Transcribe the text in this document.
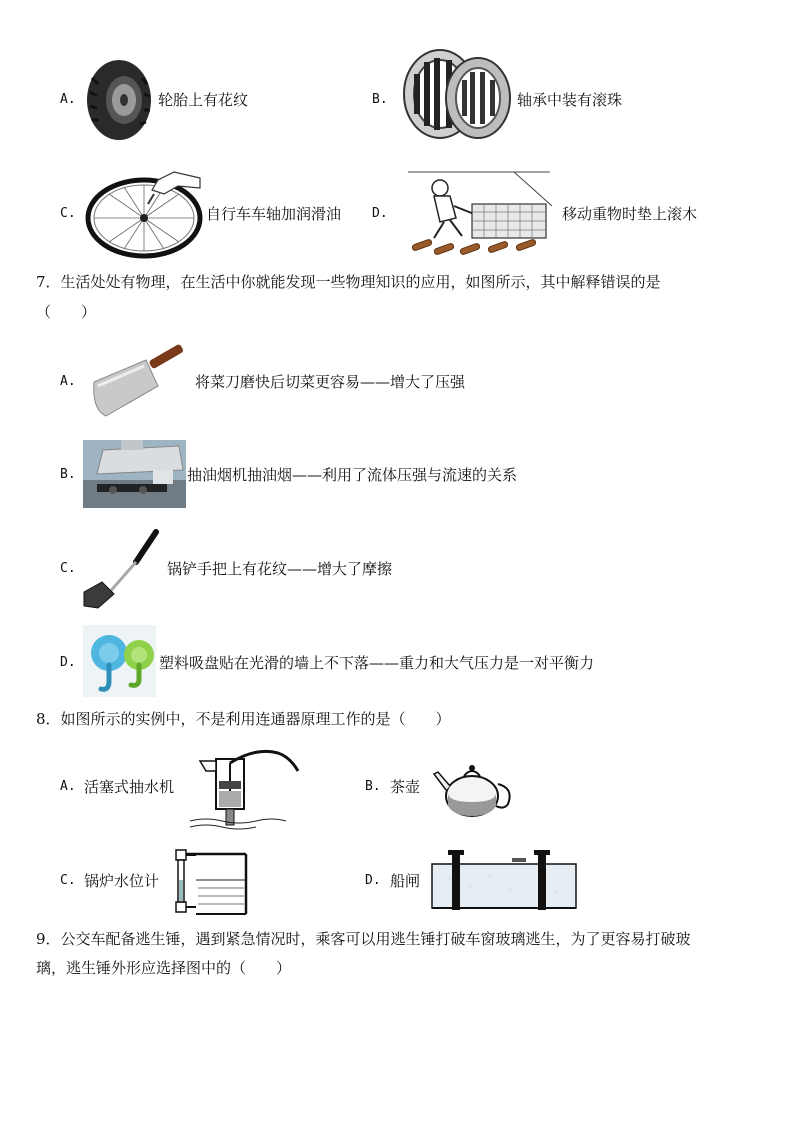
A.	轮胎上有花纹	B.	轴承中装有滚珠
C.	自行车车轴加润滑油 D.	移动重物时垫上滚木
7．生活处处有物理，在生活中你就能发现一些物理知识的应用，如图所示，其中解释错误的是
（　　）
A.	将菜刀磨快后切菜更容易——增大了压强
B.	抽油烟机抽油烟——利用了流体压强与流速的关系
C.	锅铲手把上有花纹——增大了摩擦
D.	塑料吸盘贴在光滑的墙上不下落——重力和大气压力是一对平衡力
8．如图所示的实例中，不是利用连通器原理工作的是（　　）
A. 活塞式抽水机	B. 茶壶
C. 锅炉水位计	D. 船闸
9．公交车配备逃生锤，遇到紧急情况时，乘客可以用逃生锤打破车窗玻璃逃生，为了更容易打破玻
璃，逃生锤外形应选择图中的（　　）
